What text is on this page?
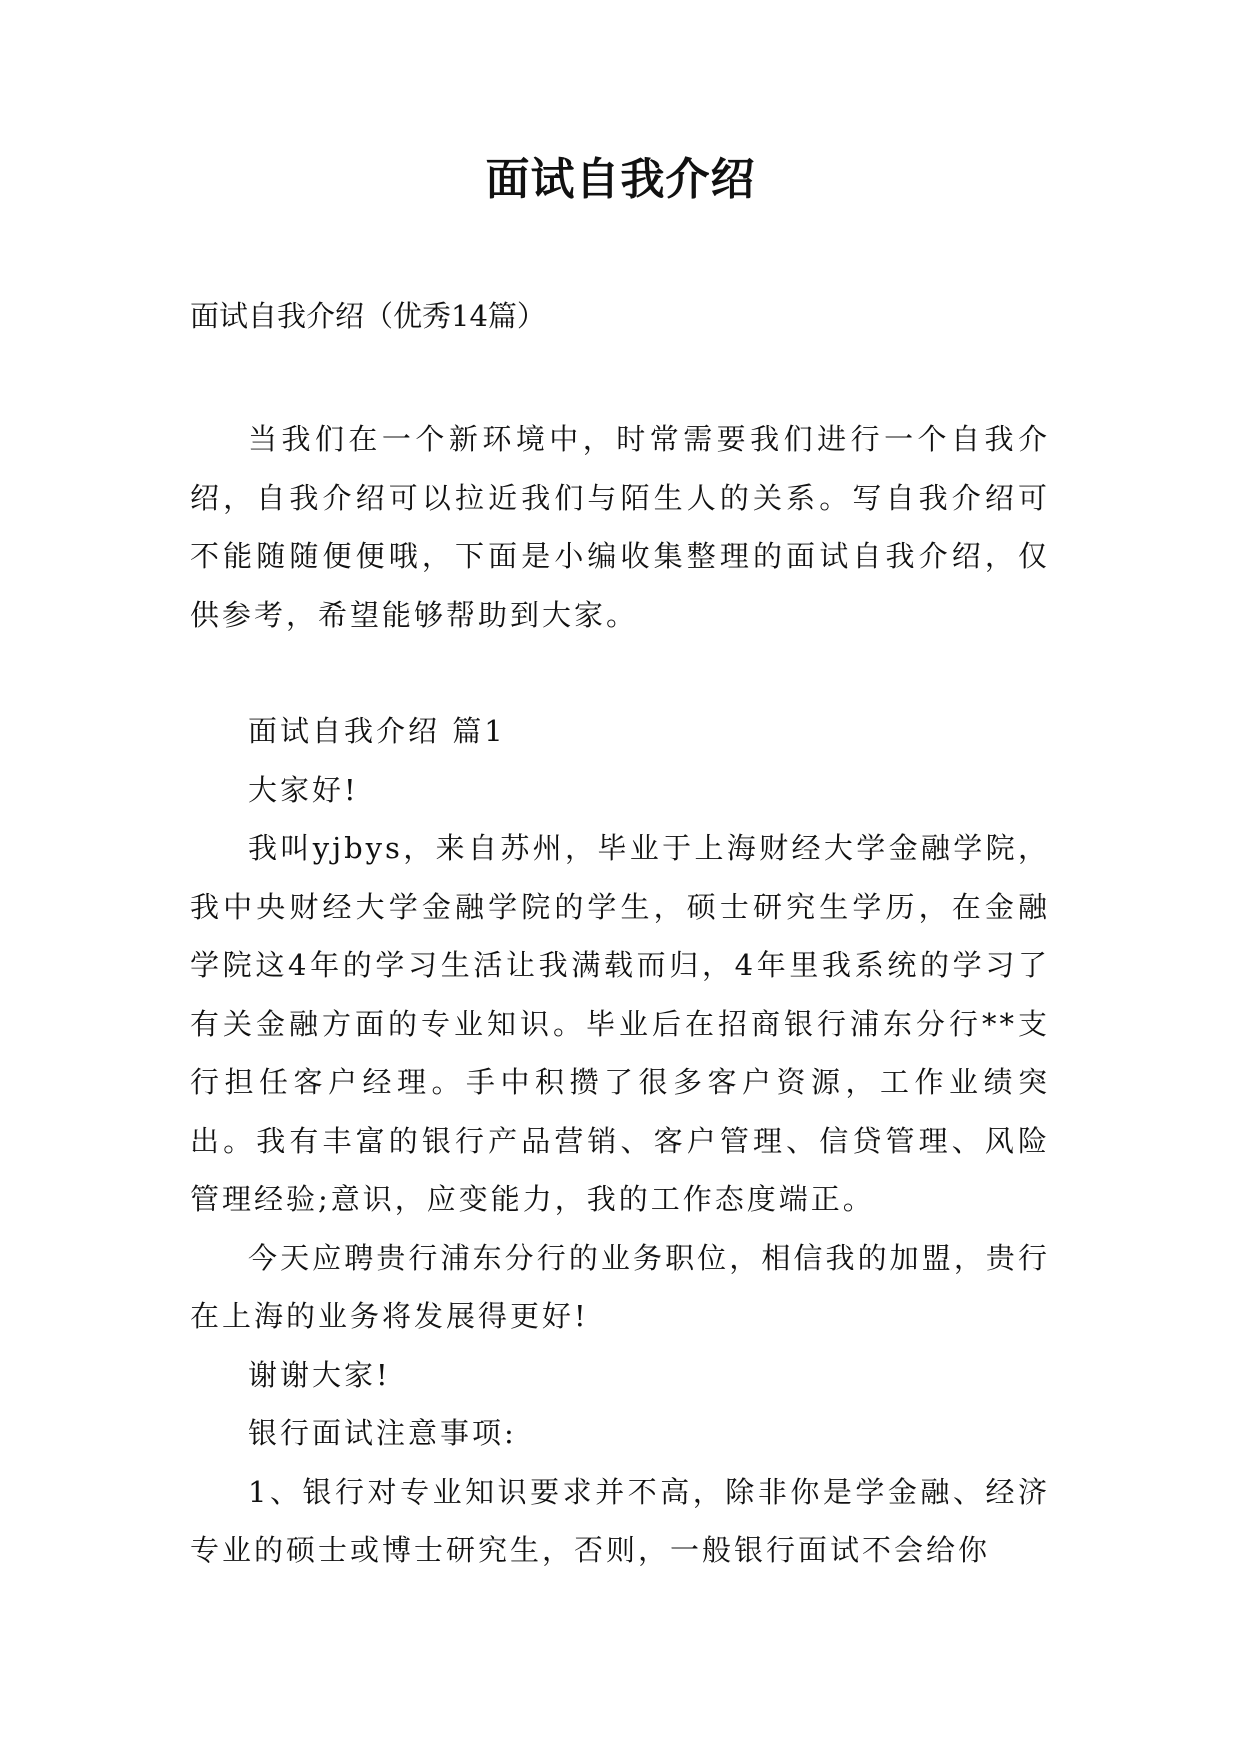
面试自我介绍
面试自我介绍（优秀14篇）

当我们在一个新环境中，时常需要我们进行一个自我介绍，自我介绍可以拉近我们与陌生人的关系。写自我介绍可不能随随便便哦，下面是小编收集整理的面试自我介绍，仅供参考，希望能够帮助到大家。

面试自我介绍 篇1

大家好!

我叫yjbys，来自苏州，毕业于上海财经大学金融学院，我中央财经大学金融学院的学生，硕士研究生学历，在金融学院这4年的学习生活让我满载而归，4年里我系统的学习了有关金融方面的专业知识。毕业后在招商银行浦东分行**支行担任客户经理。手中积攒了很多客户资源，工作业绩突出。我有丰富的银行产品营销、客户管理、信贷管理、风险管理经验;意识，应变能力，我的工作态度端正。

今天应聘贵行浦东分行的业务职位，相信我的加盟，贵行在上海的业务将发展得更好!

谢谢大家!

银行面试注意事项:

1、银行对专业知识要求并不高，除非你是学金融、经济专业的硕士或博士研究生，否则，一般银行面试不会给你
